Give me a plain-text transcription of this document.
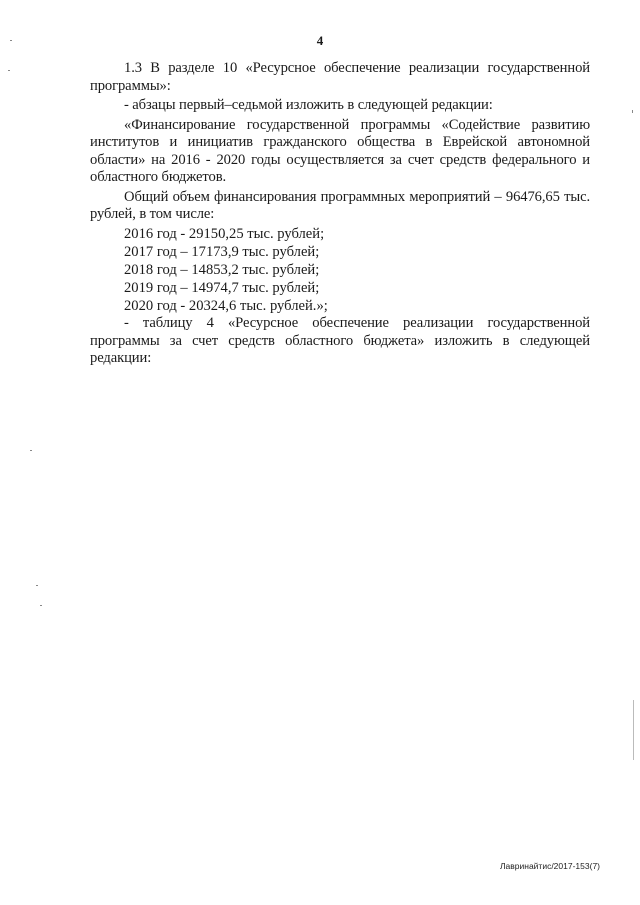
4

1.3 В разделе 10 «Ресурсное обеспечение реализации государственной программы»:

- абзацы первый–седьмой изложить в следующей редакции:

«Финансирование государственной программы «Содействие развитию институтов и инициатив гражданского общества в Еврейской автономной области» на 2016 - 2020 годы осуществляется за счет средств федерального и областного бюджетов.

Общий объем финансирования программных мероприятий – 96476,65 тыс. рублей, в том числе:

2016 год - 29150,25 тыс. рублей;

2017 год – 17173,9 тыс. рублей;

2018 год – 14853,2 тыс. рублей;

2019 год – 14974,7 тыс. рублей;

2020 год - 20324,6 тыс. рублей.»;

- таблицу 4 «Ресурсное обеспечение реализации государственной программы за счет средств областного бюджета» изложить в следующей редакции:

Лавринайтис/2017-153(7)
